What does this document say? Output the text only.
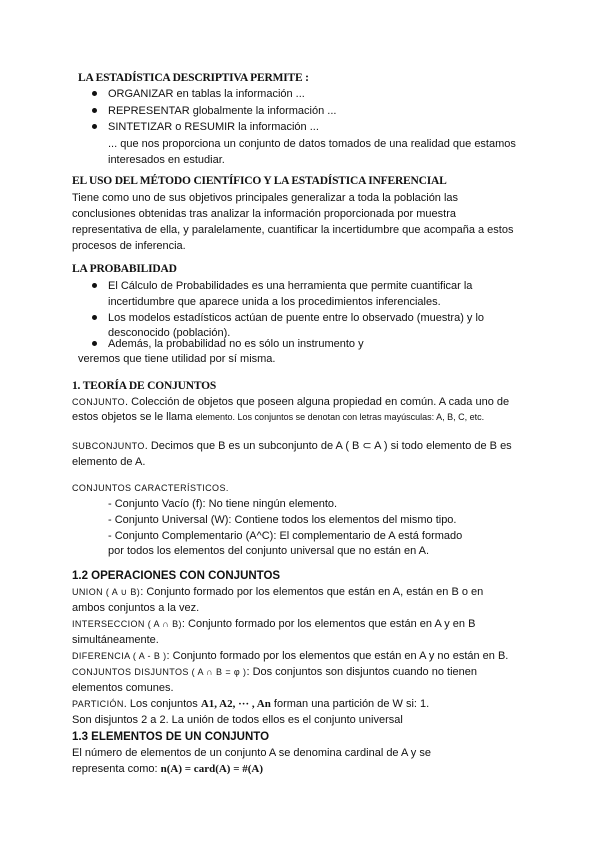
LA ESTADÍSTICA DESCRIPTIVA PERMITE :
ORGANIZAR en tablas la información ...
REPRESENTAR globalmente la información ...
SINTETIZAR o RESUMIR la información ...
... que nos proporciona un conjunto de datos tomados de una realidad que estamos
interesados en estudiar.
EL USO DEL MÉTODO CIENTÍFICO Y LA ESTADÍSTICA INFERENCIAL
Tiene como uno de sus objetivos principales generalizar a toda la población las
conclusiones obtenidas tras analizar la información proporcionada por muestra
representativa de ella, y paralelamente, cuantificar la incertidumbre que acompaña a estos
procesos de inferencia.
LA PROBABILIDAD
El Cálculo de Probabilidades es una herramienta que permite cuantificar la
incertidumbre que aparece unida a los procedimientos inferenciales.
Los modelos estadísticos actúan de puente entre lo observado (muestra) y lo
desconocido (población).
Además, la probabilidad no es sólo un instrumento y
veremos que tiene utilidad por sí misma.
1. TEORÍA DE CONJUNTOS
CONJUNTO. Colección de objetos que poseen alguna propiedad en común. A cada uno de
estos objetos se le llama elemento. Los conjuntos se denotan con letras mayúsculas: A, B, C, etc.
SUBCONJUNTO. Decimos que B es un subconjunto de A ( B ⊂ A ) si todo elemento de B es
elemento de A.
CONJUNTOS CARACTERÍSTICOS.
- Conjunto Vacío (f): No tiene ningún elemento.
- Conjunto Universal (W): Contiene todos los elementos del mismo tipo.
- Conjunto Complementario (A^C): El complementario de A está formado
por todos los elementos del conjunto universal que no están en A.
1.2 OPERACIONES CON CONJUNTOS
UNION ( A ∪ B): Conjunto formado por los elementos que están en A, están en B o en
ambos conjuntos a la vez.
INTERSECCION ( A ∩ B): Conjunto formado por los elementos que están en A y en B
simultáneamente.
DIFERENCIA ( A - B ): Conjunto formado por los elementos que están en A y no están en B.
CONJUNTOS DISJUNTOS ( A ∩ B = φ ): Dos conjuntos son disjuntos cuando no tienen
elementos comunes.
PARTICIÓN. Los conjuntos A1, A2, ··· , An forman una partición de W si: 1.
Son disjuntos 2 a 2. La unión de todos ellos es el conjunto universal
1.3 ELEMENTOS DE UN CONJUNTO
El número de elementos de un conjunto A se denomina cardinal de A y se
representa como: n(A) = card(A) = #(A)
